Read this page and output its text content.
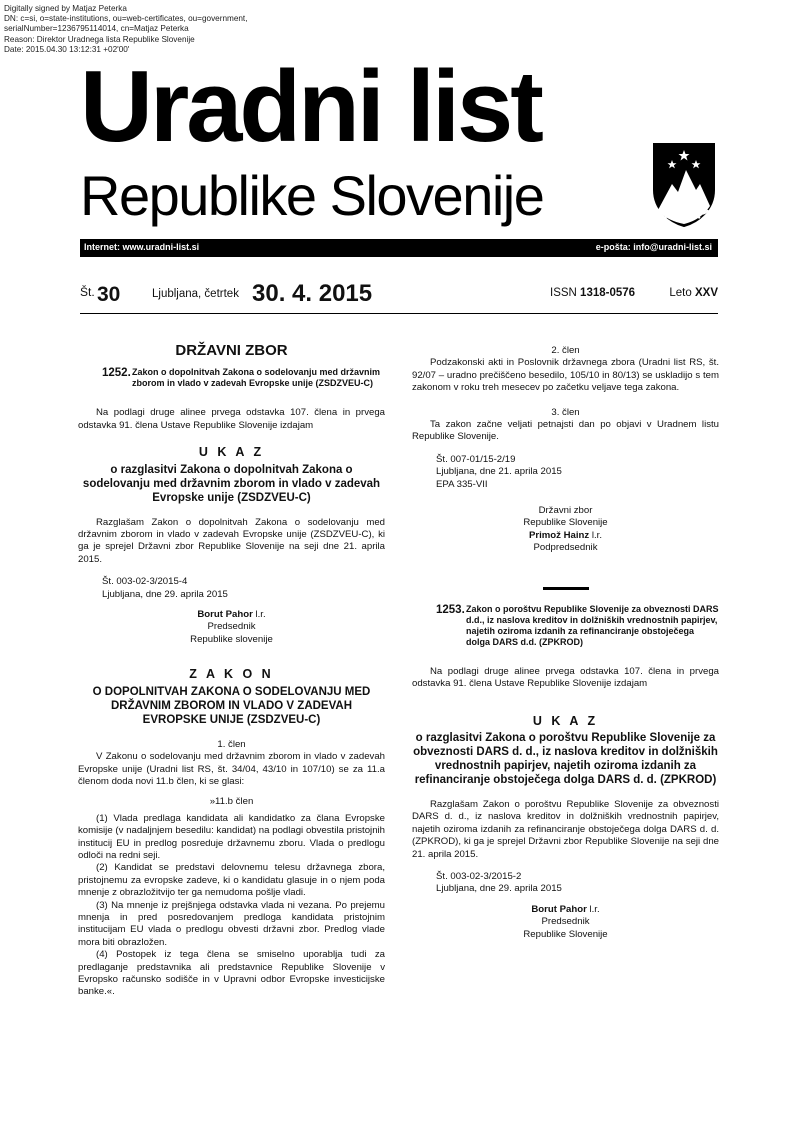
Digitally signed by Matjaz Peterka
DN: c=si, o=state-institutions, ou=web-certificates, ou=government,
serialNumber=1236795114014, cn=Matjaz Peterka
Reason: Direktor Uradnega lista Republike Slovenije
Date: 2015.04.30 13:12:31 +02'00'
Uradni list
Republike Slovenije
Internet: www.uradni-list.si	e-pošta: info@uradni-list.si
Št. 30	Ljubljana, četrtek 30. 4. 2015	ISSN 1318-0576	Leto XXV

DRŽAVNI ZBOR

1252. Zakon o dopolnitvah Zakona o sodelovanju med državnim zborom in vlado v zadevah Evropske unije (ZSDZVEU-C)

Na podlagi druge alinee prvega odstavka 107. člena in prvega odstavka 91. člena Ustave Republike Slovenije izdajam

U K A Z

o razglasitvi Zakona o dopolnitvah Zakona o sodelovanju med državnim zborom in vlado v zadevah Evropske unije (ZSDZVEU-C)

Razglašam Zakon o dopolnitvah Zakona o sodelovanju med državnim zborom in vlado v zadevah Evropske unije (ZSDZVEU-C), ki ga je sprejel Državni zbor Republike Slovenije na seji dne 21. aprila 2015.

Št. 003-02-3/2015-4

Ljubljana, dne 29. aprila 2015

Borut Pahor l.r.

Predsednik

Republike slovenije

Z A K O N

O DOPOLNITVAH ZAKONA O SODELOVANJU MED DRŽAVNIM ZBOROM IN VLADO V ZADEVAH EVROPSKE UNIJE (ZSDZVEU-C)

1. člen

V Zakonu o sodelovanju med državnim zborom in vlado v zadevah Evropske unije (Uradni list RS, št. 34/04, 43/10 in 107/10) se za 11.a členom doda novi 11.b člen, ki se glasi:

»11.b člen

(1) Vlada predlaga kandidata ali kandidatko za člana Evropske komisije (v nadaljnjem besedilu: kandidat) na podlagi obvestila pristojnih institucij EU in predlog posreduje državnemu zboru. Vlada o predlogu odloči na redni seji.

(2) Kandidat se predstavi delovnemu telesu državnega zbora, pristojnemu za evropske zadeve, ki o kandidatu glasuje in o njem poda mnenje z obrazložitvijo ter ga nemudoma pošlje vladi.

(3) Na mnenje iz prejšnjega odstavka vlada ni vezana. Po prejemu mnenja in pred posredovanjem predloga kandidata pristojnim institucijam EU vlada o predlogu obvesti državni zbor. Predlog vlade mora biti obrazložen.

(4) Postopek iz tega člena se smiselno uporablja tudi za predlaganje predstavnika ali predstavnice Republike Slovenije v Evropsko računsko sodišče in v Upravni odbor Evropske investicijske banke.«.

2. člen

Podzakonski akti in Poslovnik državnega zbora (Uradni list RS, št. 92/07 – uradno prečiščeno besedilo, 105/10 in 80/13) se uskladijo s tem zakonom v roku treh mesecev po začetku veljave tega zakona.

3. člen

Ta zakon začne veljati petnajsti dan po objavi v Uradnem listu Republike Slovenije.

Št. 007-01/15-2/19

Ljubljana, dne 21. aprila 2015

EPA 335-VII

Državni zbor

Republike Slovenije

Primož Hainz l.r.

Podpredsednik

1253. Zakon o poroštvu Republike Slovenije za obveznosti DARS d.d., iz naslova kreditov in dolžniških vrednostnih papirjev, najetih oziroma izdanih za refinanciranje obstoječega dolga DARS d.d. (ZPKROD)

Na podlagi druge alinee prvega odstavka 107. člena in prvega odstavka 91. člena Ustave Republike Slovenije izdajam

U K A Z

o razglasitvi Zakona o poroštvu Republike Slovenije za obveznosti DARS d. d., iz naslova kreditov in dolžniških vrednostnih papirjev, najetih oziroma izdanih za refinanciranje obstoječega dolga DARS d. d. (ZPKROD)

Razglašam Zakon o poroštvu Republike Slovenije za obveznosti DARS d. d., iz naslova kreditov in dolžniških vrednostnih papirjev, najetih oziroma izdanih za refinanciranje obstoječega dolga DARS d. d. (ZPKROD), ki ga je sprejel Državni zbor Republike Slovenije na seji dne 21. aprila 2015.

Št. 003-02-3/2015-2

Ljubljana, dne 29. aprila 2015

Borut Pahor l.r.

Predsednik

Republike Slovenije
